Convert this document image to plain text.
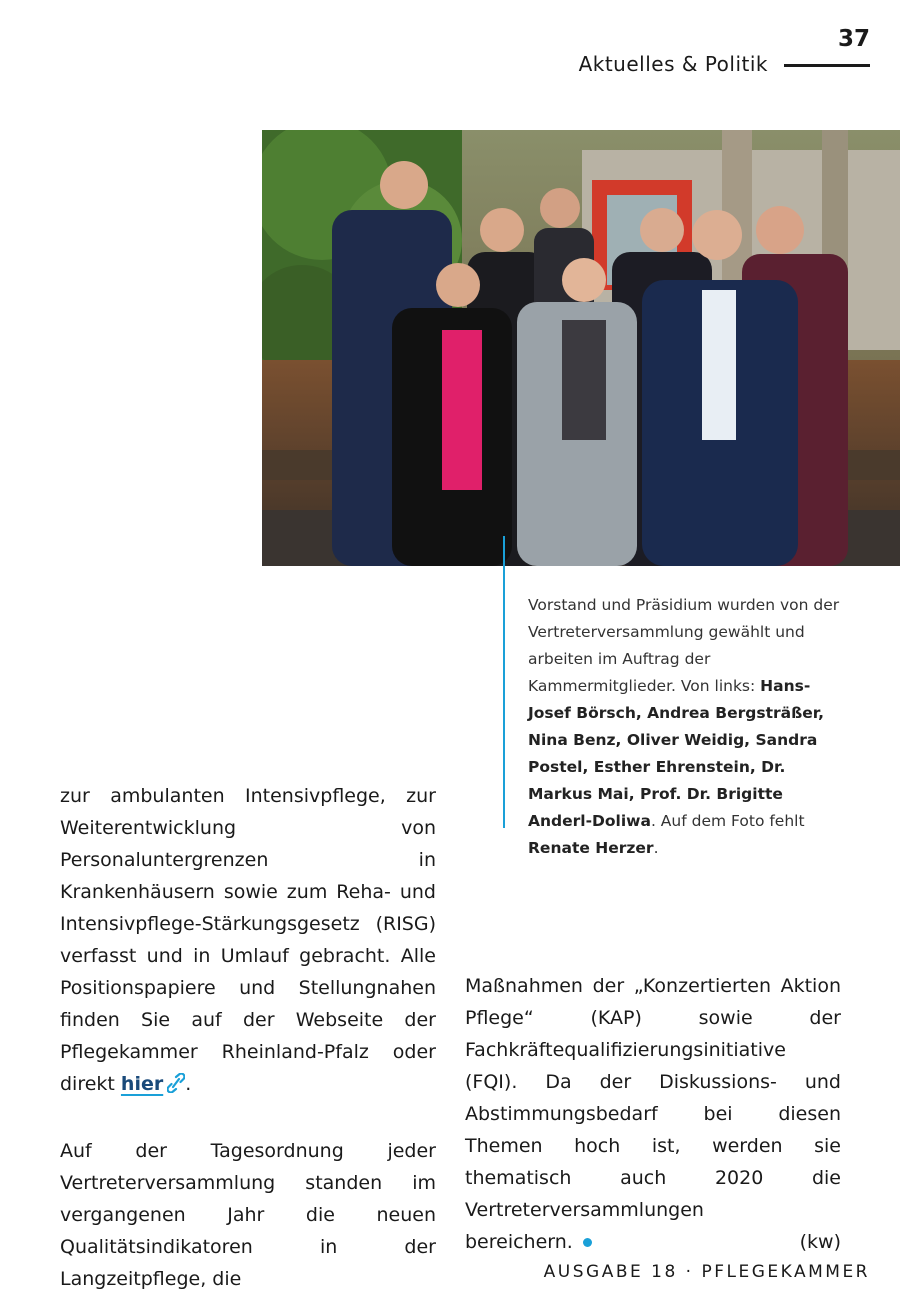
37
Aktuelles & Politik
Vorstand und Präsidium wurden von der Vertreterversammlung gewählt und arbeiten im Auftrag der Kammermitglieder. Von links: Hans-Josef Börsch, Andrea Bergsträßer, Nina Benz, Oliver Weidig, Sandra Postel, Esther Ehrenstein, Dr. Markus Mai, Prof. Dr. Brigitte Anderl-Doliwa. Auf dem Foto fehlt Renate Herzer.

zur ambulanten Intensivpflege, zur Weiterentwicklung von Personaluntergrenzen in Krankenhäusern sowie zum Reha- und Intensivpflege-Stärkungsgesetz (RISG) verfasst und in Umlauf gebracht. Alle Positionspapiere und Stellungnahen finden Sie auf der Webseite der Pflegekammer Rheinland-Pfalz oder direkt hier .

Auf der Tagesordnung jeder Vertreterversammlung standen im vergangenen Jahr die neuen Qualitätsindikatoren in der Langzeitpflege, die

Maßnahmen der „Konzertierten Aktion Pflege“ (KAP) sowie der Fachkräftequalifizierungsinitiative (FQI). Da der Diskussions- und Abstimmungsbedarf bei diesen Themen hoch ist, werden sie thematisch auch 2020 die Vertreterversammlungen

bereichern.	(kw)
AUSGABE 18 · PFLEGEKAMMER
